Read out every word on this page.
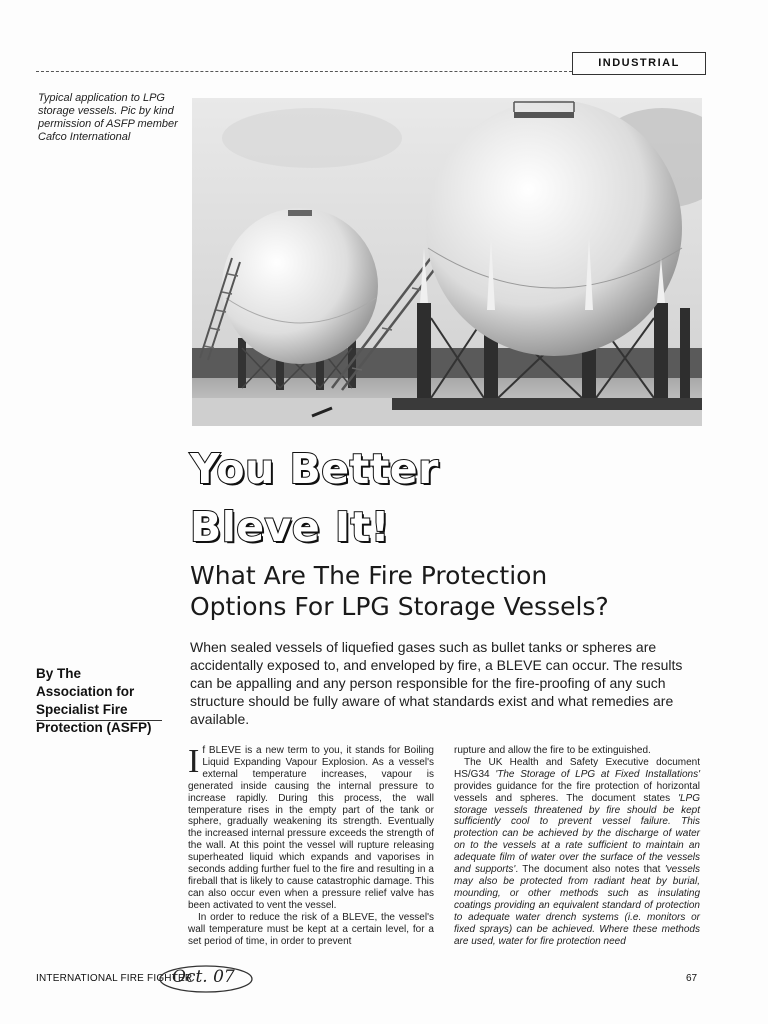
INDUSTRIAL
Typical application to LPG storage vessels. Pic by kind permission of ASFP member Cafco International
You Better
Bleve It!
What Are The Fire Protection
Options For LPG Storage Vessels?
By The Association for Specialist Fire Protection (ASFP)
When sealed vessels of liquefied gases such as bullet tanks or spheres are accidentally exposed to, and enveloped by fire, a BLEVE can occur. The results can be appalling and any person responsible for the fire-proofing of any such structure should be fully aware of what standards exist and what remedies are available.

If BLEVE is a new term to you, it stands for Boiling Liquid Expanding Vapour Explosion. As a vessel's external temperature increases, vapour is generated inside causing the internal pressure to increase rapidly. During this process, the wall temperature rises in the empty part of the tank or sphere, gradually weakening its strength. Eventually the increased internal pressure exceeds the strength of the wall. At this point the vessel will rupture releasing superheated liquid which expands and vaporises in seconds adding further fuel to the fire and resulting in a fireball that is likely to cause catastrophic damage. This can also occur even when a pressure relief valve has been activated to vent the vessel.

In order to reduce the risk of a BLEVE, the vessel's wall temperature must be kept at a certain level, for a set period of time, in order to prevent

rupture and allow the fire to be extinguished.

The UK Health and Safety Executive document HS/G34 'The Storage of LPG at Fixed Installations' provides guidance for the fire protection of horizontal vessels and spheres. The document states 'LPG storage vessels threatened by fire should be kept sufficiently cool to prevent vessel failure. This protection can be achieved by the discharge of water on to the vessels at a rate sufficient to maintain an adequate film of water over the surface of the vessels and supports'. The document also notes that 'vessels may also be protected from radiant heat by burial, mounding, or other methods such as insulating coatings providing an equivalent standard of protection to adequate water drench systems (i.e. monitors or fixed sprays) can be achieved. Where these methods are used, water for fire protection need

INTERNATIONAL FIRE FIGHTER
Oct. 07	67
